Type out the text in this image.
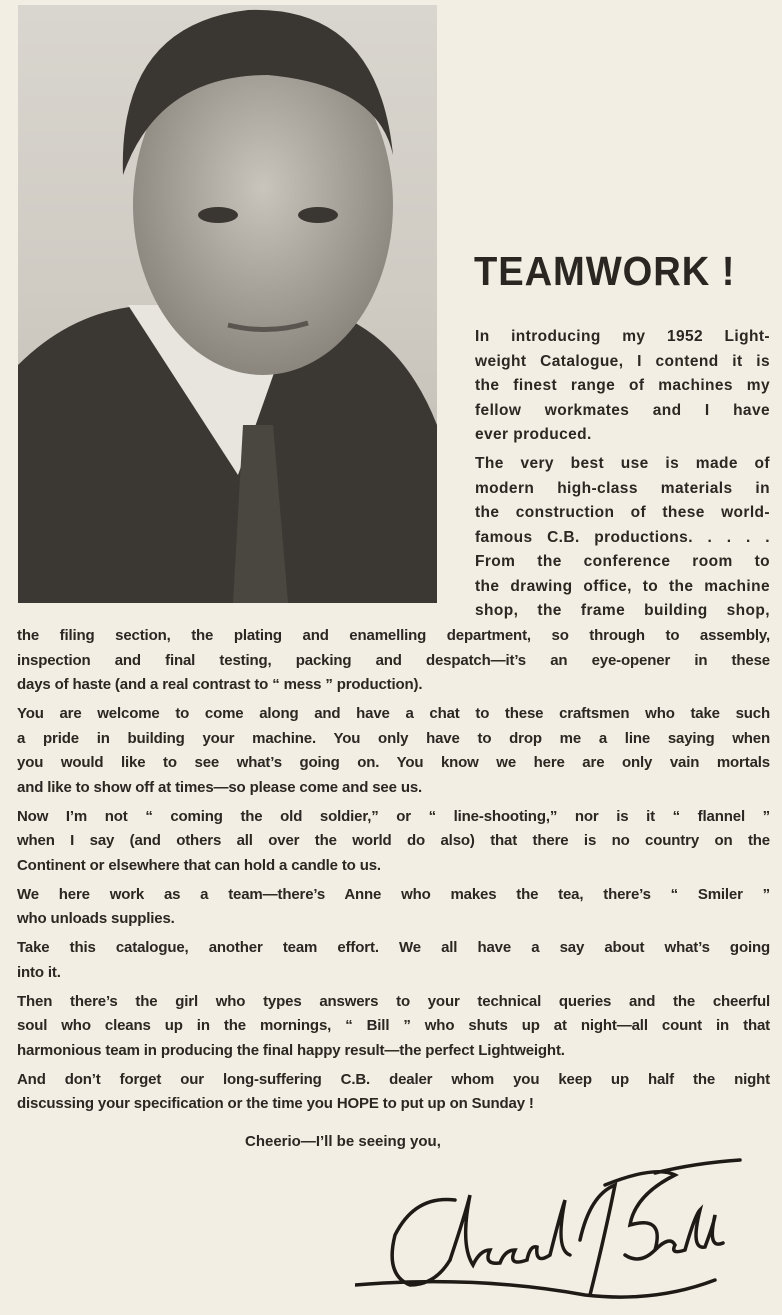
TEAMWORK !
In introducing my 1952 Light-
weight Catalogue, I contend it is
the finest range of machines my
fellow workmates and I have
ever produced.
The very best use is made of
modern high-class materials in
the construction of these world-
famous C.B. productions. . . . .
From the conference room to
the drawing office, to the machine
shop, the frame building shop,
the filing section, the plating and enamelling department, so through to assembly,
inspection and final testing, packing and despatch—it’s an eye-opener in these
days of haste (and a real contrast to “ mess ” production).
You are welcome to come along and have a chat to these craftsmen who take such
a pride in building your machine. You only have to drop me a line saying when
you would like to see what’s going on. You know we here are only vain mortals
and like to show off at times—so please come and see us.
Now I’m not “ coming the old soldier,” or “ line-shooting,” nor is it “ flannel ”
when I say (and others all over the world do also) that there is no country on the
Continent or elsewhere that can hold a candle to us.
We here work as a team—there’s Anne who makes the tea, there’s “ Smiler ”
who unloads supplies.
Take this catalogue, another team effort. We all have a say about what’s going
into it.
Then there’s the girl who types answers to your technical queries and the cheerful
soul who cleans up in the mornings, “ Bill ” who shuts up at night—all count in that
harmonious team in producing the final happy result—the perfect Lightweight.
And don’t forget our long-suffering C.B. dealer whom you keep up half the night
discussing your specification or the time you HOPE to put up on Sunday !
Cheerio—I’ll be seeing you,
